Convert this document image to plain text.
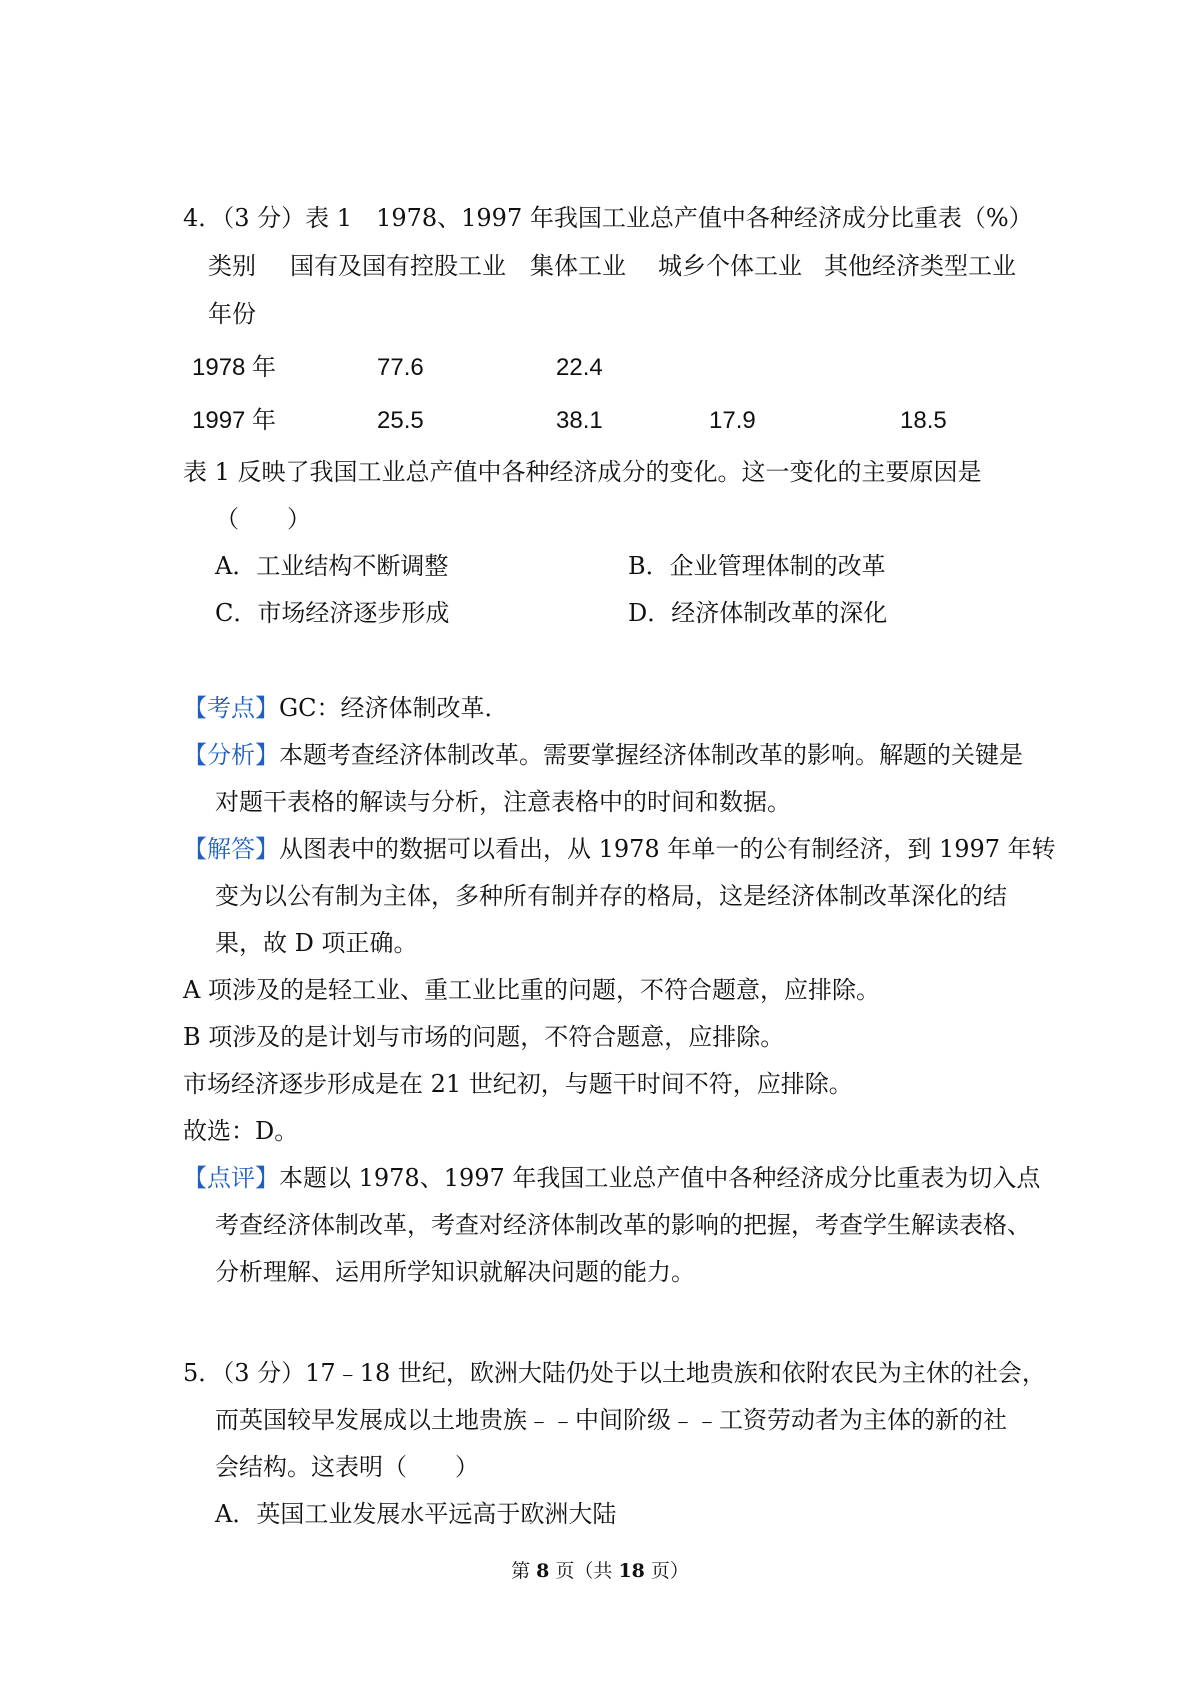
4．（3 分）表 1　1978、1997 年我国工业总产值中各种经济成分比重表（%）
类别 国有及国有控股工业 集体工业 城乡个体工业 其他经济类型工业
年份
1978 年	77.6	22.4
1997 年	25.5	38.1	17.9	18.5
表 1 反映了我国工业总产值中各种经济成分的变化。这一变化的主要原因是
（　　）
A．工业结构不断调整	B．企业管理体制的改革
C．市场经济逐步形成	D．经济体制改革的深化
【考点】GC：经济体制改革．
【分析】本题考查经济体制改革。需要掌握经济体制改革的影响。解题的关键是
对题干表格的解读与分析，注意表格中的时间和数据。
【解答】从图表中的数据可以看出，从 1978 年单一的公有制经济，到 1997 年转
变为以公有制为主体，多种所有制并存的格局，这是经济体制改革深化的结
果，故 D 项正确。
A 项涉及的是轻工业、重工业比重的问题，不符合题意，应排除。
B 项涉及的是计划与市场的问题，不符合题意，应排除。
市场经济逐步形成是在 21 世纪初，与题干时间不符，应排除。
故选：D。
【点评】本题以 1978、1997 年我国工业总产值中各种经济成分比重表为切入点
考查经济体制改革，考查对经济体制改革的影响的把握，考查学生解读表格、
分析理解、运用所学知识就解决问题的能力。
5．（3 分）17﹣18 世纪，欧洲大陆仍处于以土地贵族和依附农民为主休的社会，
而英国较早发展成以土地贵族﹣﹣中间阶级﹣﹣工资劳动者为主体的新的社
会结构。这表明（　　）
A．英国工业发展水平远高于欧洲大陆
第 8 页（共 18 页）
